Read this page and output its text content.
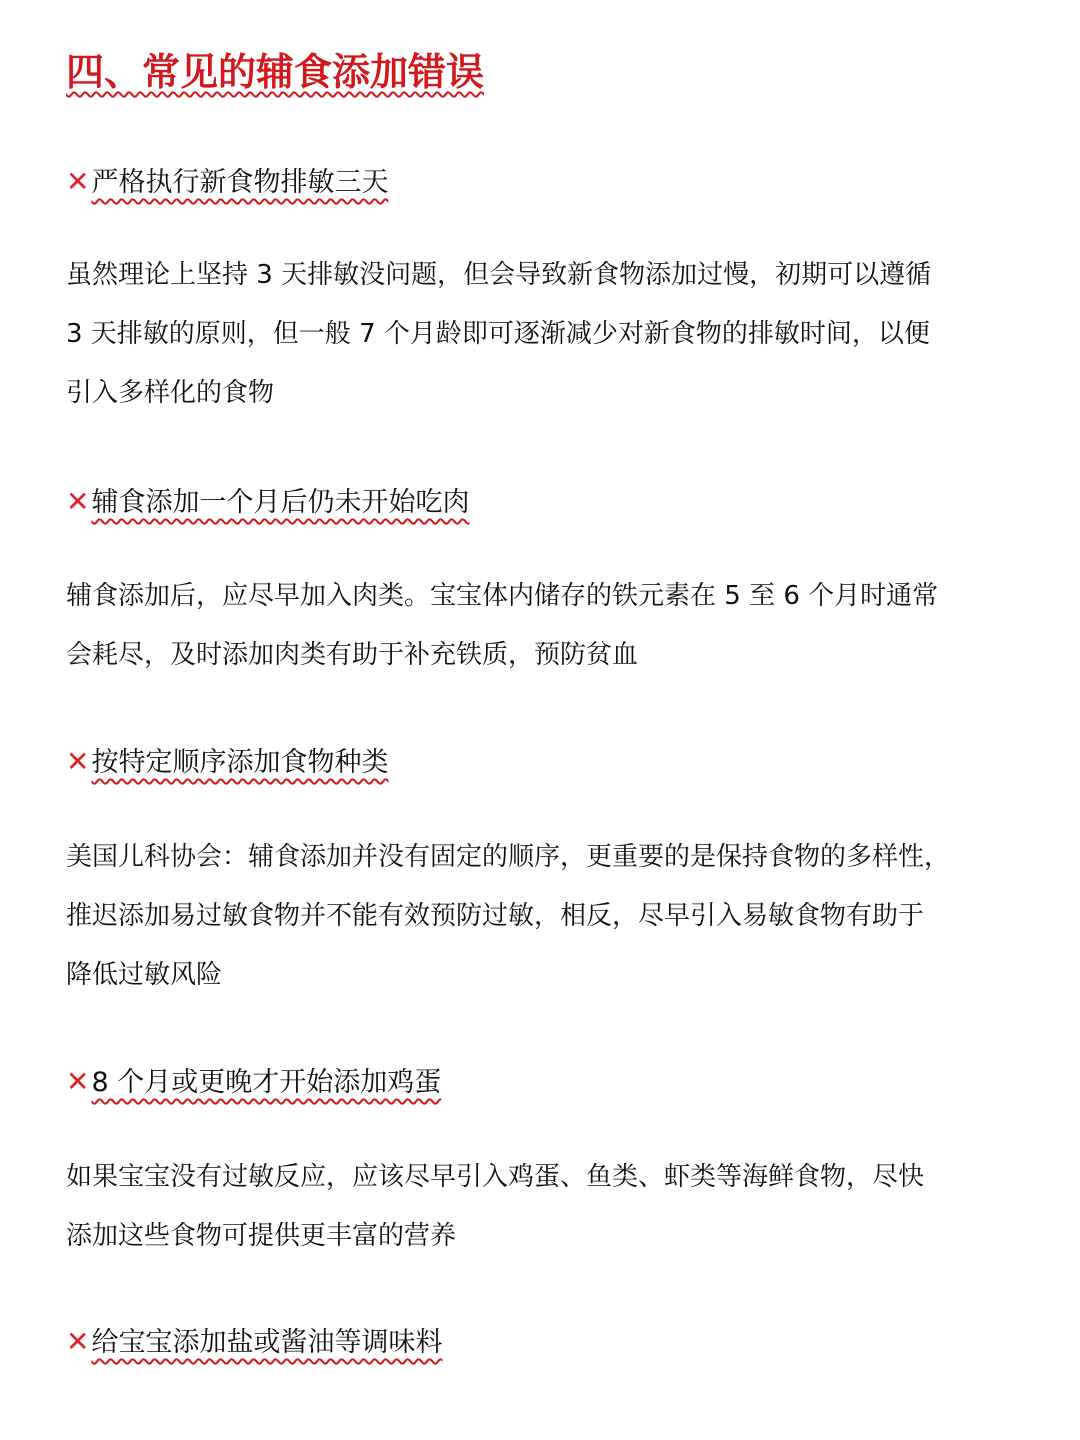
四、常见的辅食添加错误
✕严格执行新食物排敏三天

虽然理论上坚持 3 天排敏没问题，但会导致新食物添加过慢，初期可以遵循
3 天排敏的原则，但一般 7 个月龄即可逐渐减少对新食物的排敏时间，以便
引入多样化的食物

✕辅食添加一个月后仍未开始吃肉

辅食添加后，应尽早加入肉类。宝宝体内储存的铁元素在 5 至 6 个月时通常
会耗尽，及时添加肉类有助于补充铁质，预防贫血

✕按特定顺序添加食物种类

美国儿科协会：辅食添加并没有固定的顺序，更重要的是保持食物的多样性，
推迟添加易过敏食物并不能有效预防过敏，相反，尽早引入易敏食物有助于
降低过敏风险

✕8 个月或更晚才开始添加鸡蛋

如果宝宝没有过敏反应，应该尽早引入鸡蛋、鱼类、虾类等海鲜食物，尽快
添加这些食物可提供更丰富的营养

✕给宝宝添加盐或酱油等调味料
